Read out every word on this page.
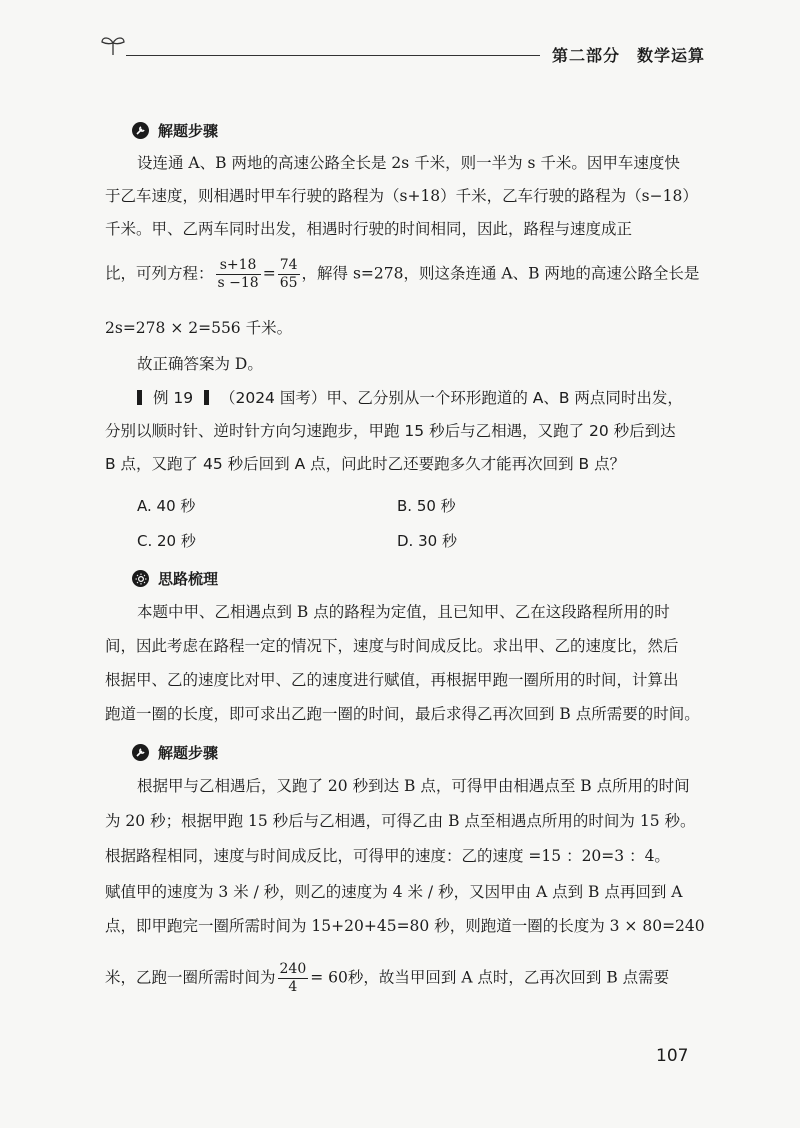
第二部分　数学运算
解题步骤
设连通 A、B 两地的高速公路全长是 2s 千米，则一半为 s 千米。因甲车速度快
于乙车速度，则相遇时甲车行驶的路程为（s+18）千米，乙车行驶的路程为（s−18）
千米。甲、乙两车同时出发，相遇时行驶的时间相同，因此，路程与速度成正
比，可列方程： $\frac{s+18}{s -18} = \frac{74}{65}$ ，解得 s=278，则这条连通 A、B 两地的高速公路全长是
2s=278 × 2=556 千米。
故正确答案为 D。
例 19 （2024 国考）甲、乙分别从一个环形跑道的 A、B 两点同时出发，
分别以顺时针、逆时针方向匀速跑步，甲跑 15 秒后与乙相遇，又跑了 20 秒后到达
B 点，又跑了 45 秒后回到 A 点，问此时乙还要跑多久才能再次回到 B 点？
A. 40 秒	B. 50 秒
C. 20 秒	D. 30 秒
思路梳理
本题中甲、乙相遇点到 B 点的路程为定值，且已知甲、乙在这段路程所用的时
间，因此考虑在路程一定的情况下，速度与时间成反比。求出甲、乙的速度比，然后
根据甲、乙的速度比对甲、乙的速度进行赋值，再根据甲跑一圈所用的时间，计算出
跑道一圈的长度，即可求出乙跑一圈的时间，最后求得乙再次回到 B 点所需要的时间。
解题步骤
根据甲与乙相遇后，又跑了 20 秒到达 B 点，可得甲由相遇点至 B 点所用的时间
为 20 秒；根据甲跑 15 秒后与乙相遇，可得乙由 B 点至相遇点所用的时间为 15 秒。
根据路程相同，速度与时间成反比，可得甲的速度：乙的速度 =15 ：20=3 ：4。
赋值甲的速度为 3 米 / 秒，则乙的速度为 4 米 / 秒，又因甲由 A 点到 B 点再回到 A
点，即甲跑完一圈所需时间为 15+20+45=80 秒，则跑道一圈的长度为 3 × 80=240
米，乙跑一圈所需时间为 $\frac{240}{4} = 60$秒，故当甲回到 A 点时，乙再次回到 B 点需要
107
